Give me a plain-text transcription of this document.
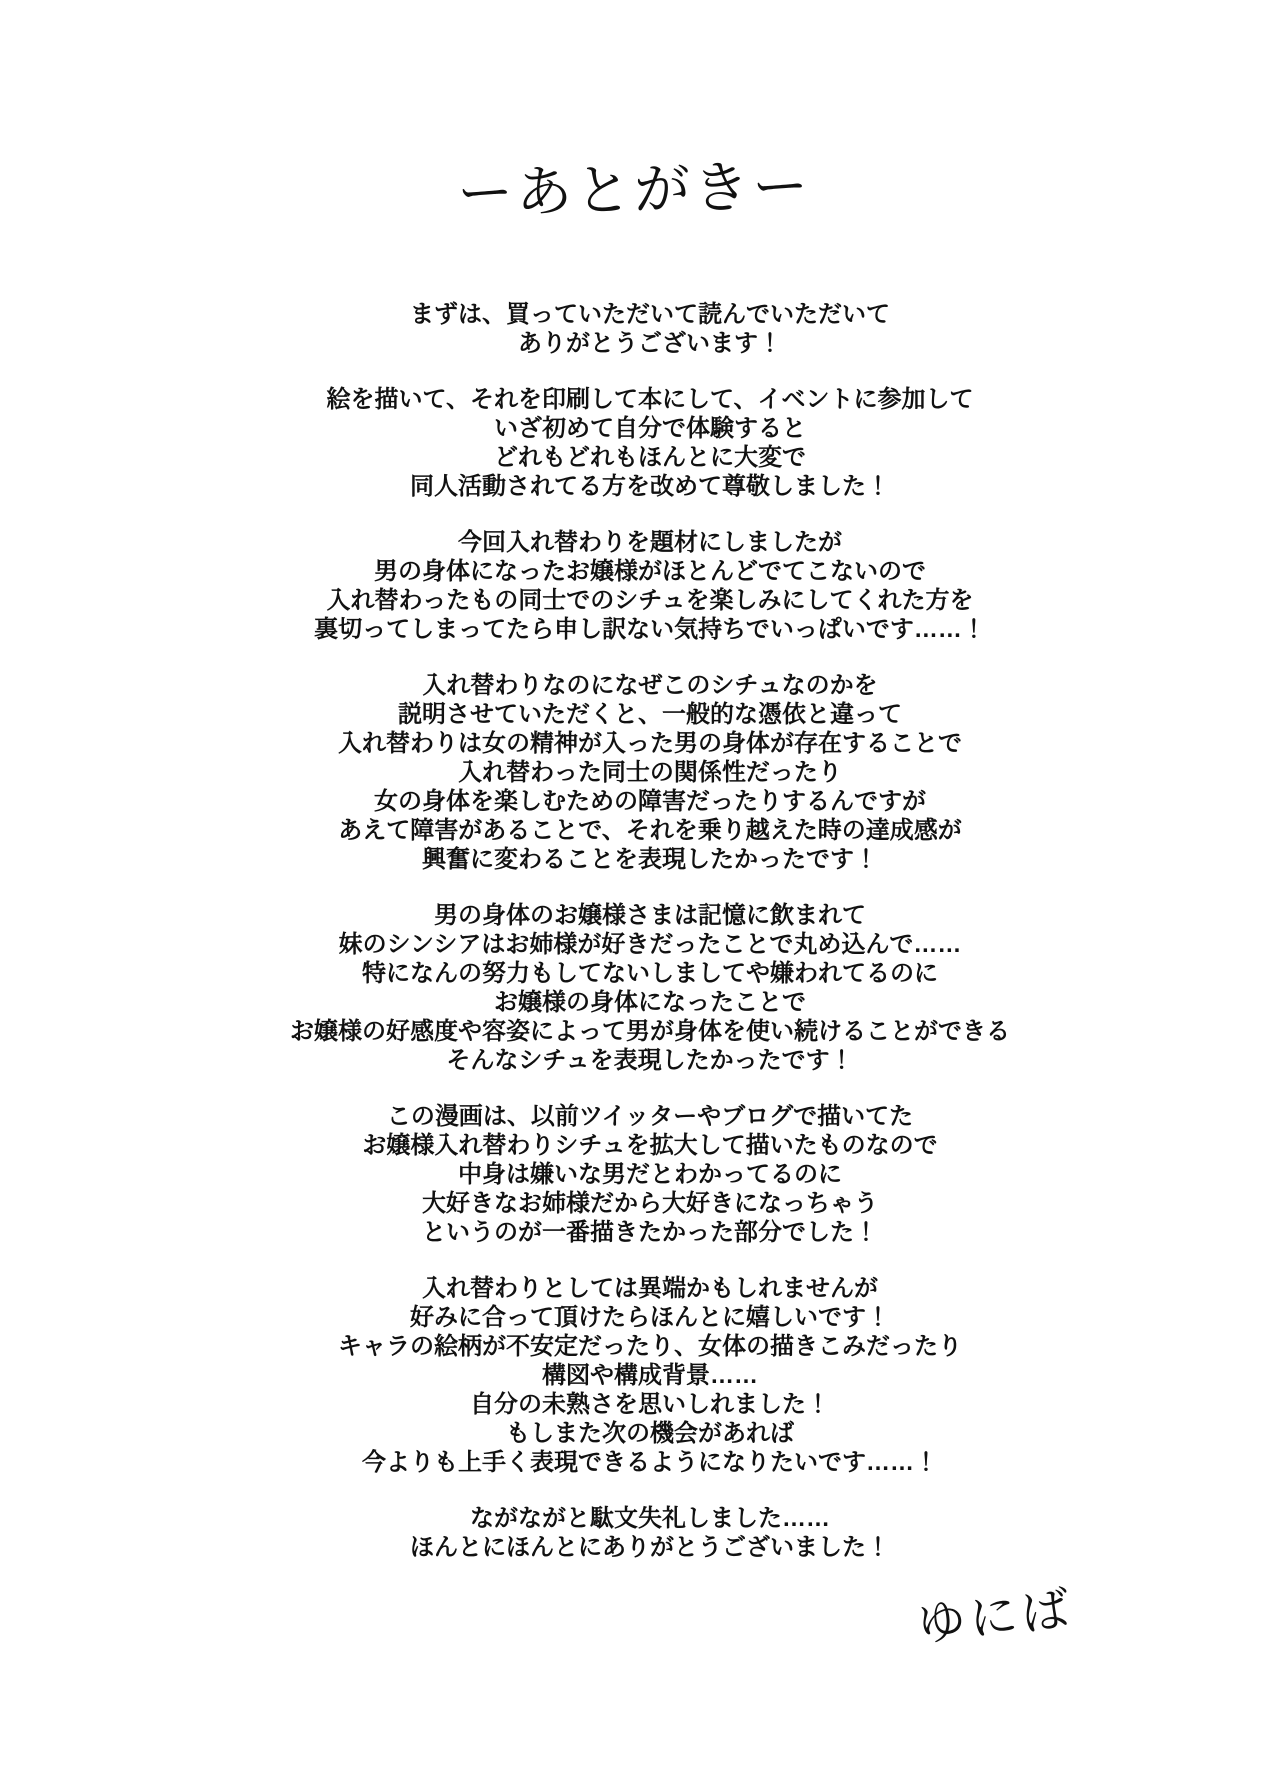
ーあとがきー

まずは、買っていただいて読んでいただいて
ありがとうございます！

絵を描いて、それを印刷して本にして、イベントに参加して
いざ初めて自分で体験すると
どれもどれもほんとに大変で
同人活動されてる方を改めて尊敬しました！

今回入れ替わりを題材にしましたが
男の身体になったお嬢様がほとんどでてこないので
入れ替わったもの同士でのシチュを楽しみにしてくれた方を
裏切ってしまってたら申し訳ない気持ちでいっぱいです……！

入れ替わりなのになぜこのシチュなのかを
説明させていただくと、一般的な憑依と違って
入れ替わりは女の精神が入った男の身体が存在することで
入れ替わった同士の関係性だったり
女の身体を楽しむための障害だったりするんですが
あえて障害があることで、それを乗り越えた時の達成感が
興奮に変わることを表現したかったです！

男の身体のお嬢様さまは記憶に飲まれて
妹のシンシアはお姉様が好きだったことで丸め込んで……
特になんの努力もしてないしましてや嫌われてるのに
お嬢様の身体になったことで
お嬢様の好感度や容姿によって男が身体を使い続けることができる
そんなシチュを表現したかったです！

この漫画は、以前ツイッターやブログで描いてた
お嬢様入れ替わりシチュを拡大して描いたものなので
中身は嫌いな男だとわかってるのに
大好きなお姉様だから大好きになっちゃう
というのが一番描きたかった部分でした！

入れ替わりとしては異端かもしれませんが
好みに合って頂けたらほんとに嬉しいです！
キャラの絵柄が不安定だったり、女体の描きこみだったり
構図や構成背景……
自分の未熟さを思いしれました！
もしまた次の機会があれば
今よりも上手く表現できるようになりたいです……！

ながながと駄文失礼しました……
ほんとにほんとにありがとうございました！

ゆにば
